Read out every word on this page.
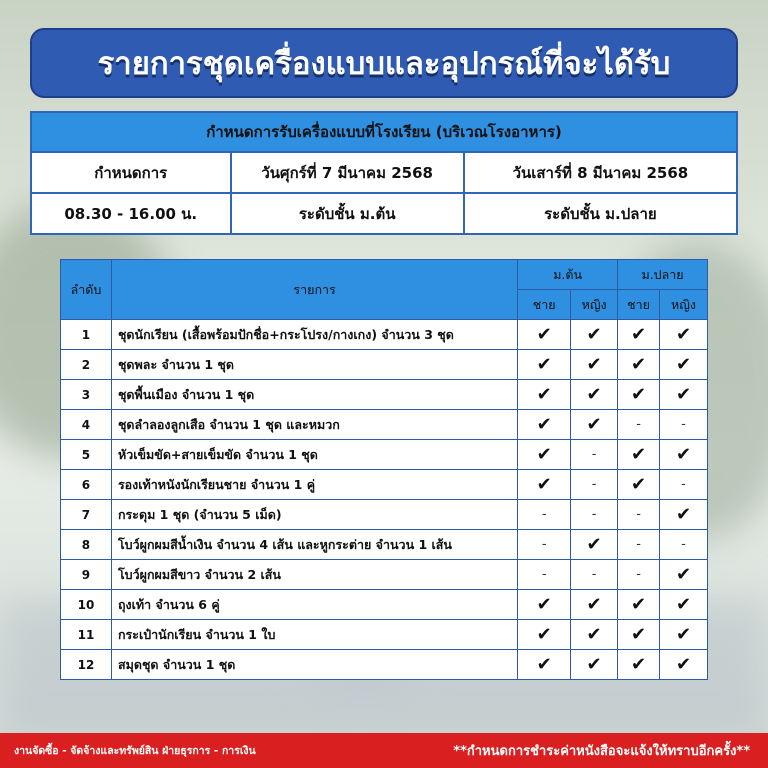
รายการชุดเครื่องแบบและอุปกรณ์ที่จะได้รับ
กำหนดการรับเครื่องแบบที่โรงเรียน (บริเวณโรงอาหาร)		
กำหนดการ	วันศุกร์ที่ 7 มีนาคม 2568	วันเสาร์ที่ 8 มีนาคม 2568
08.30 - 16.00 น.	ระดับชั้น ม.ต้น	ระดับชั้น ม.ปลาย
ลำดับ	รายการ	ม.ต้น		ม.ปลาย	
		ชาย	หญิง	ชาย	หญิง
1	ชุดนักเรียน (เสื้อพร้อมปักชื่อ+กระโปรง/กางเกง) จำนวน 3 ชุด	✔	✔	✔	✔
2	ชุดพละ จำนวน 1 ชุด	✔	✔	✔	✔
3	ชุดพื้นเมือง จำนวน 1 ชุด	✔	✔	✔	✔
4	ชุดลำลองลูกเสือ จำนวน 1 ชุด และหมวก	✔	✔	-	-
5	หัวเข็มขัด+สายเข็มขัด จำนวน 1 ชุด	✔	-	✔	✔
6	รองเท้าหนังนักเรียนชาย จำนวน 1 คู่	✔	-	✔	-
7	กระดุม 1 ชุด (จำนวน 5 เม็ด)	-	-	-	✔
8	โบว์ผูกผมสีน้ำเงิน จำนวน 4 เส้น และหูกระต่าย จำนวน 1 เส้น	-	✔	-	-
9	โบว์ผูกผมสีขาว จำนวน 2 เส้น	-	-	-	✔
10	ถุงเท้า จำนวน 6 คู่	✔	✔	✔	✔
11	กระเป๋านักเรียน จำนวน 1 ใบ	✔	✔	✔	✔
12	สมุดชุด จำนวน 1 ชุด	✔	✔	✔	✔
งานจัดซื้อ - จัดจ้างและทรัพย์สิน ฝ่ายธุรการ - การเงิน	**กำหนดการชำระค่าหนังสือจะแจ้งให้ทราบอีกครั้ง**
